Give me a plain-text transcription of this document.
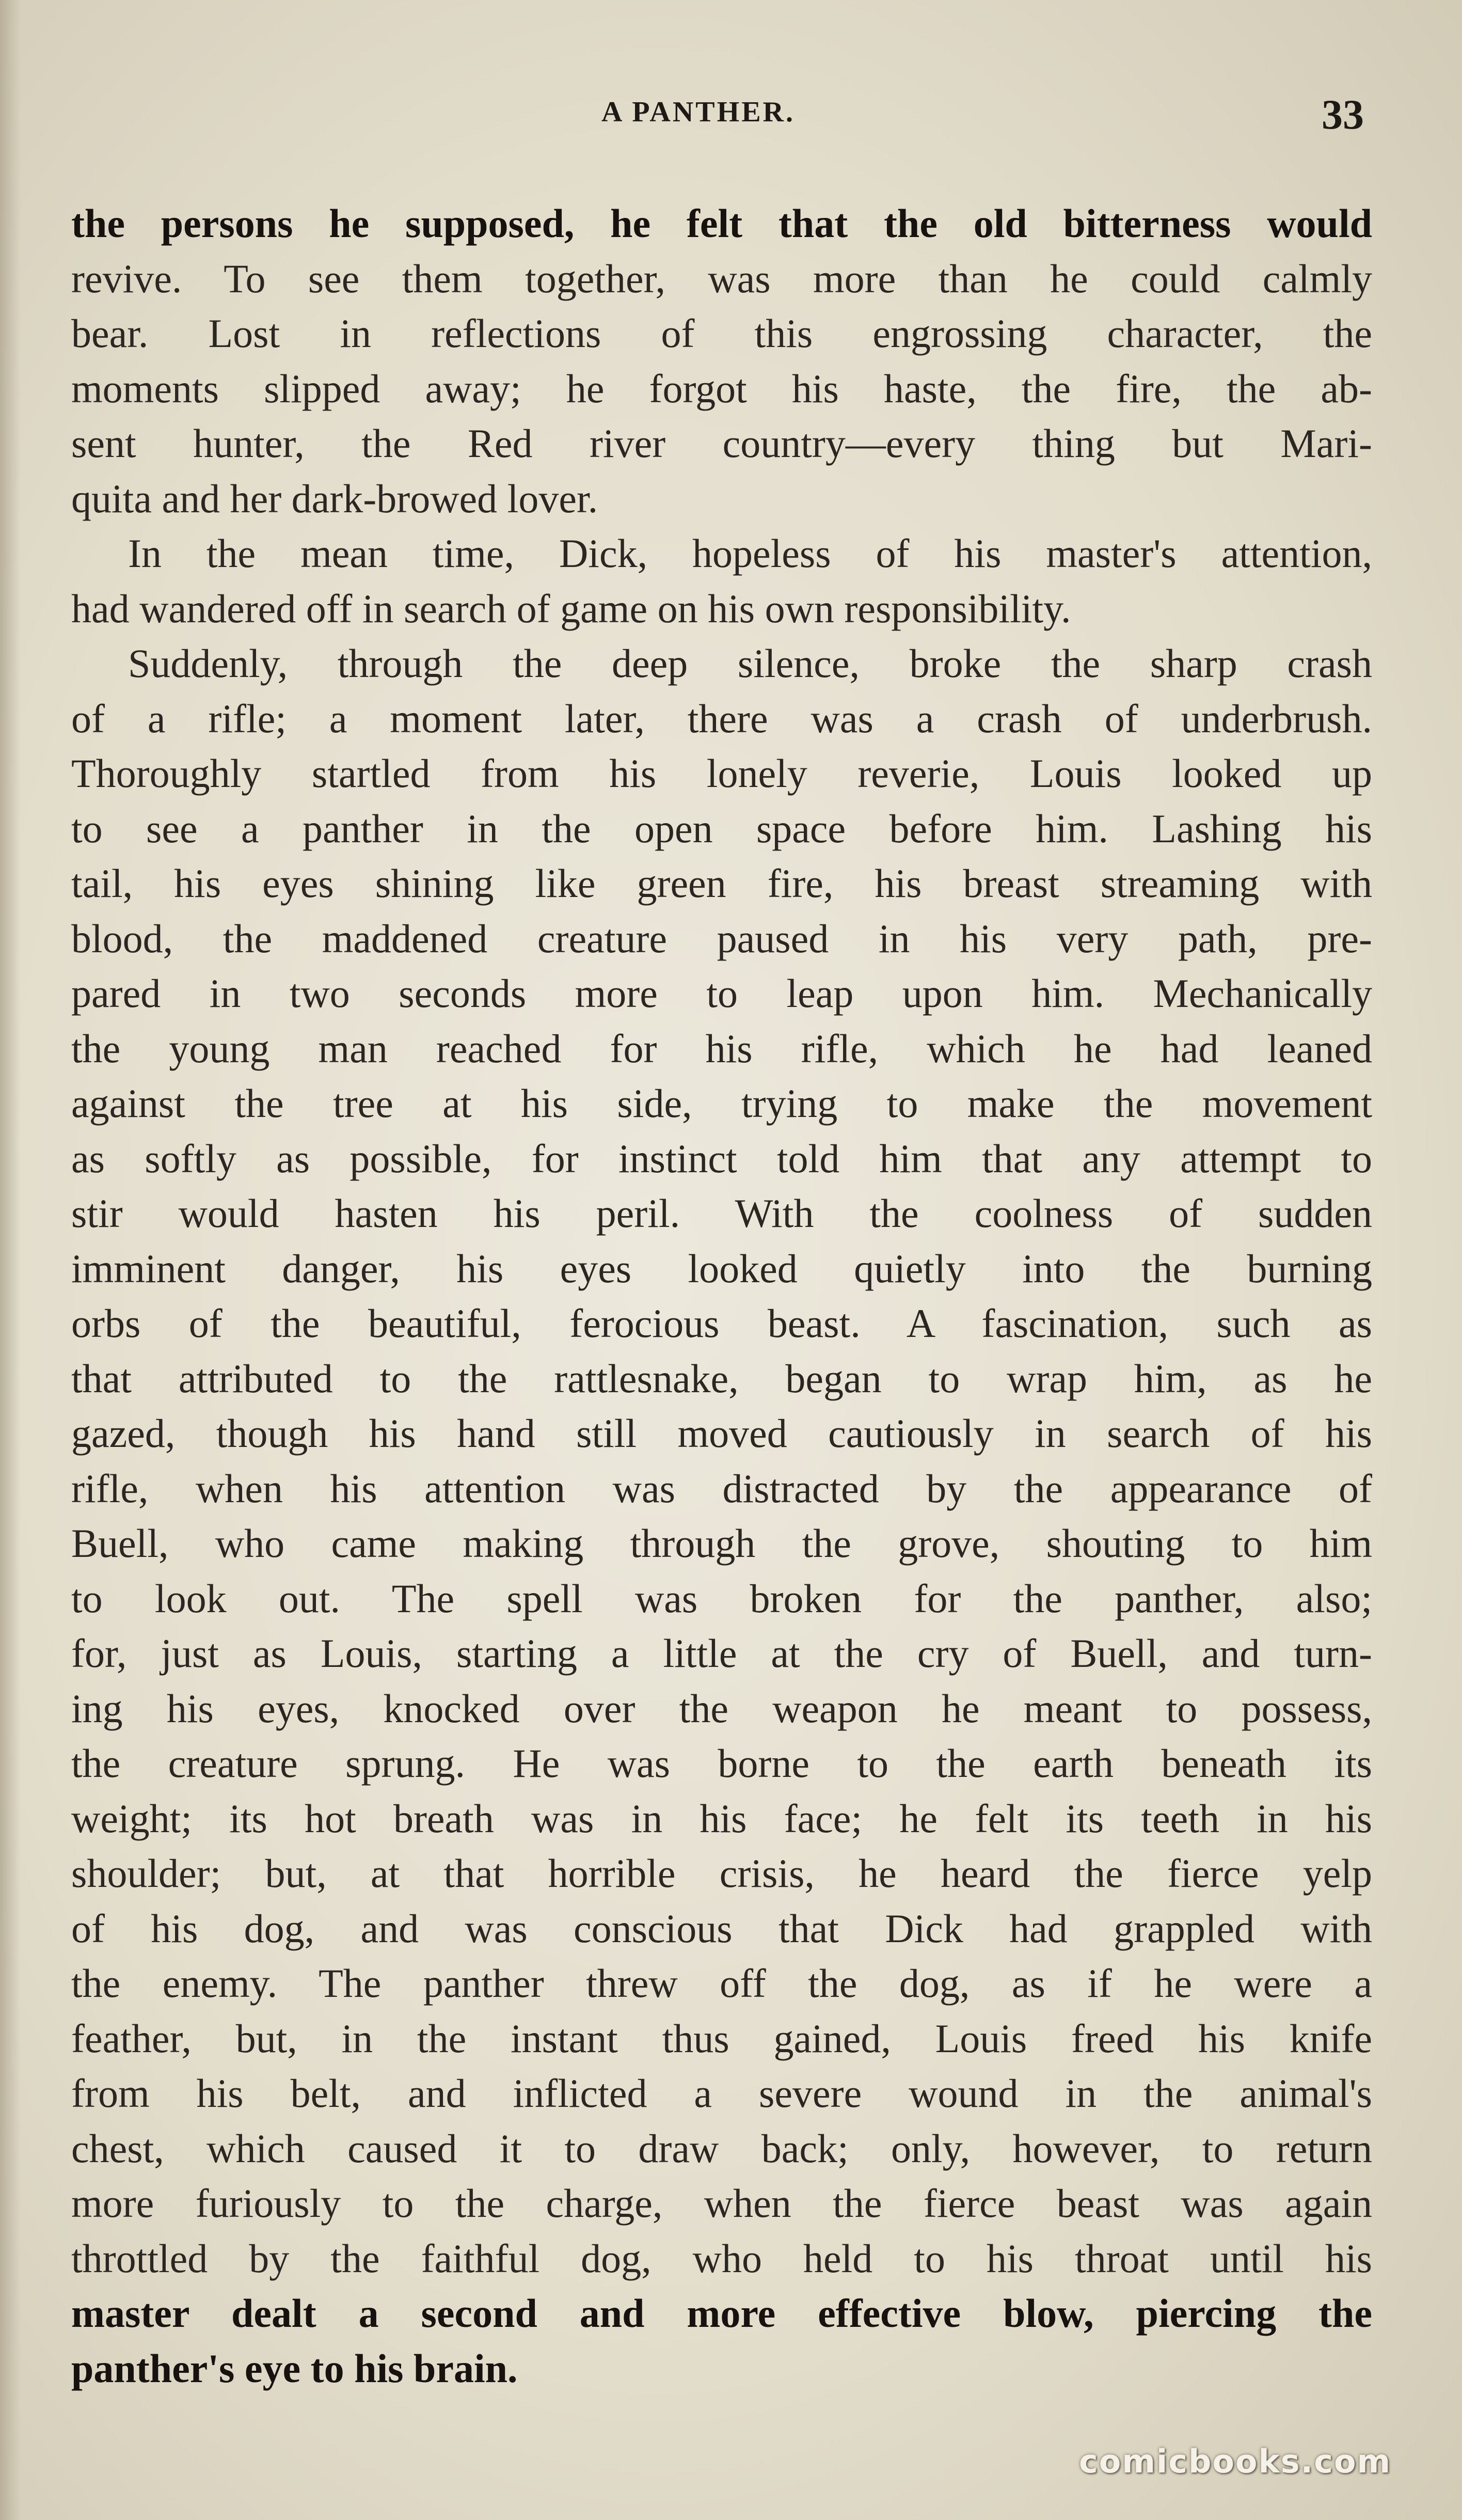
A PANTHER.	33
the persons he supposed, he felt that the old bitterness would
revive. To see them together, was more than he could calmly
bear. Lost in reflections of this engrossing character, the
moments slipped away; he forgot his haste, the fire, the ab-
sent hunter, the Red river country—every thing but Mari-
quita and her dark-browed lover.
In the mean time, Dick, hopeless of his master's attention,
had wandered off in search of game on his own responsibility.
Suddenly, through the deep silence, broke the sharp crash
of a rifle; a moment later, there was a crash of underbrush.
Thoroughly startled from his lonely reverie, Louis looked up
to see a panther in the open space before him. Lashing his
tail, his eyes shining like green fire, his breast streaming with
blood, the maddened creature paused in his very path, pre-
pared in two seconds more to leap upon him. Mechanically
the young man reached for his rifle, which he had leaned
against the tree at his side, trying to make the movement
as softly as possible, for instinct told him that any attempt to
stir would hasten his peril. With the coolness of sudden
imminent danger, his eyes looked quietly into the burning
orbs of the beautiful, ferocious beast. A fascination, such as
that attributed to the rattlesnake, began to wrap him, as he
gazed, though his hand still moved cautiously in search of his
rifle, when his attention was distracted by the appearance of
Buell, who came making through the grove, shouting to him
to look out. The spell was broken for the panther, also;
for, just as Louis, starting a little at the cry of Buell, and turn-
ing his eyes, knocked over the weapon he meant to possess,
the creature sprung. He was borne to the earth beneath its
weight; its hot breath was in his face; he felt its teeth in his
shoulder; but, at that horrible crisis, he heard the fierce yelp
of his dog, and was conscious that Dick had grappled with
the enemy. The panther threw off the dog, as if he were a
feather, but, in the instant thus gained, Louis freed his knife
from his belt, and inflicted a severe wound in the animal's
chest, which caused it to draw back; only, however, to return
more furiously to the charge, when the fierce beast was again
throttled by the faithful dog, who held to his throat until his
master dealt a second and more effective blow, piercing the
panther's eye to his brain.
comicbooks.com
